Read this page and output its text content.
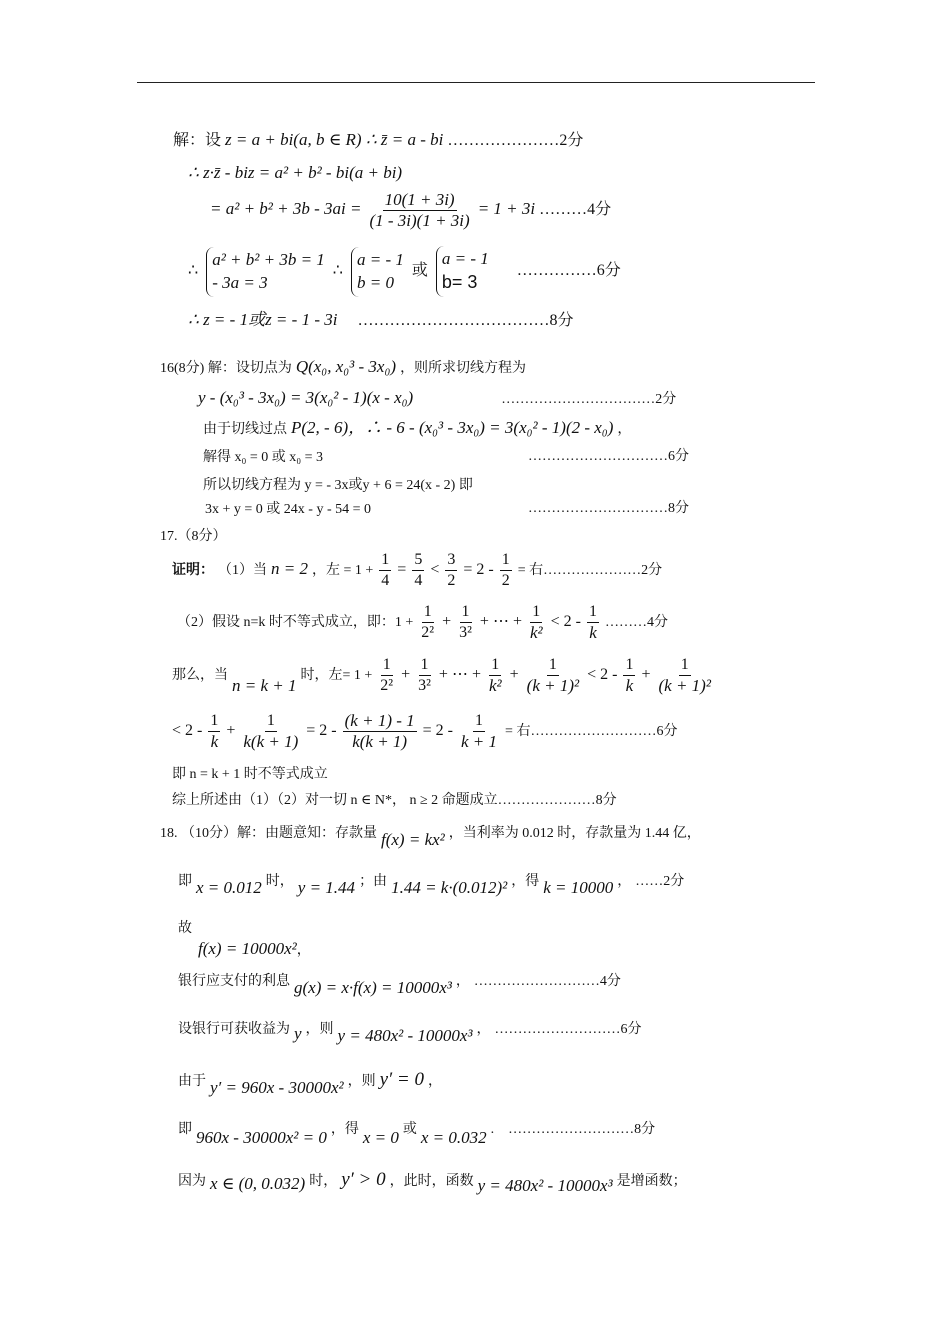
解：设 z = a + bi(a, b ∈ R) ∴ z̄ = a - bi …………………2分
∴ z·z̄ - biz = a² + b² - bi(a + bi)
= $a^2 + b^2 + 3b - 3ai = \frac{10(1 + 3i)}{(1 - 3i)(1 + 3i)} = 1 + 3i$ ………4分
∴ a² + b² + 3b = 1
- 3a = 3 ∴ a = - 1
b = 0 或 a = - 1
b= 3 ……………6分
∴ z = - 1或z = - 1 - 3i ………………………………8分
16(8分) 解：设切点为 Q(x₀, x₀³ - 3x₀) ，则所求切线方程为
y - (x₀³ - 3x₀) = 3(x₀² - 1)(x - x₀)	……………………………2分
由于切线过点 P(2, - 6)，∴ - 6 - (x₀³ - 3x₀) = 3(x₀² - 1)(2 - x₀) ，
解得 x₀ = 0 或 x₀ = 3	…………………………6分
所以切线方程为 y = - 3x或y + 6 = 24(x - 2) 即
3x + y = 0 或 24x - y - 54 = 0	…………………………8分
17.（8分）
证明： （1）当 n = 2 ，左 = $1 + \frac{1}{4} = \frac{5}{4} < \frac{3}{2} = 2 - \frac{1}{2}$ = 右…………………2分
（2）假设 n=k 时不等式成立，即：$1 + \frac{1}{\text{2²}} + \frac{1}{\text{3²}}$ + ⋯ + $\frac{1}{\text{k²}} < 2 - \frac{1}{k}$ ………4分
那么，当 n = k + 1 时，左= $1 + \frac{1}{\text{2²}} + \frac{1}{\text{3²}}$ + ⋯ + $\frac{1}{\text{k²}} + \frac{1}{\text{(k + 1)²}} < 2 - \frac{1}{k} + \frac{1}{\text{(k + 1)²}}$
< $2 - \frac{1}{k} + \frac{1}{k(k + 1)} = 2 - \frac{(k + 1) - 1}{k(k + 1)} = 2 - \frac{1}{k + 1}$ = 右………………………6分
即 n = k + 1 时不等式成立
综上所述由（1）（2）对一切 n ∈ N*， n ≥ 2 命题成立…………………8分
18. （10分）解：由题意知：存款量 f(x) = kx² ，当利率为 0.012 时，存款量为 1.44 亿，
即 x = 0.012 时， y = 1.44 ；由 1.44 = k·(0.012)² ，得 k = 10000 ， ……2分
故
f(x) = 10000x²，
银行应支付的利息 g(x) = x·f(x) = 10000x³ ， ………………………4分
设银行可获收益为 y ，则 y = 480x² - 10000x³ ， ………………………6分
由于 y′ = 960x - 30000x² ，则 y′ = 0 ，
即 960x - 30000x² = 0 ，得 x = 0 或 x = 0.032 . ………………………8分
因为 x ∈ (0, 0.032) 时， y′ > 0 ，此时，函数 y = 480x² - 10000x³ 是增函数；
